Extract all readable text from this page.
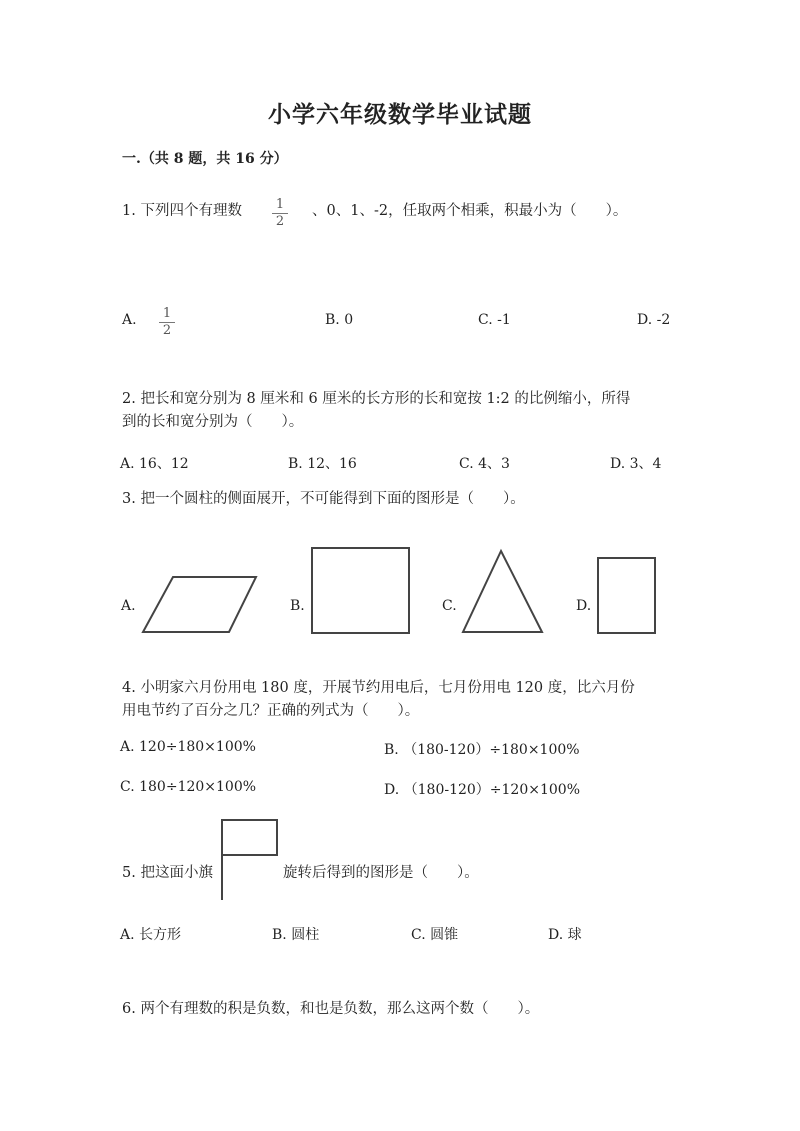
小学六年级数学毕业试题
一.（共 8 题，共 16 分）
1. 下列四个有理数	1
2
、0、1、-2，任取两个相乘，积最小为（　　）。
A. 1
2
B. 0	C. -1	D. -2
2. 把长和宽分别为 8 厘米和 6 厘米的长方形的长和宽按 1:2 的比例缩小，所得
到的长和宽分别为（　　）。
A. 16、12	B. 12、16	C. 4、3	D. 3、4
3. 把一个圆柱的侧面展开，不可能得到下面的图形是（　　）。
A.	B.	C.	D.
4. 小明家六月份用电 180 度，开展节约用电后，七月份用电 120 度，比六月份
用电节约了百分之几？正确的列式为（　　）。
A. 120÷180×100%	B. （180-120）÷180×100%
C. 180÷120×100%	D. （180-120）÷120×100%
5. 把这面小旗	旋转后得到的图形是（　　）。
A. 长方形	B. 圆柱	C. 圆锥	D. 球
6. 两个有理数的积是负数，和也是负数，那么这两个数（　　）。
